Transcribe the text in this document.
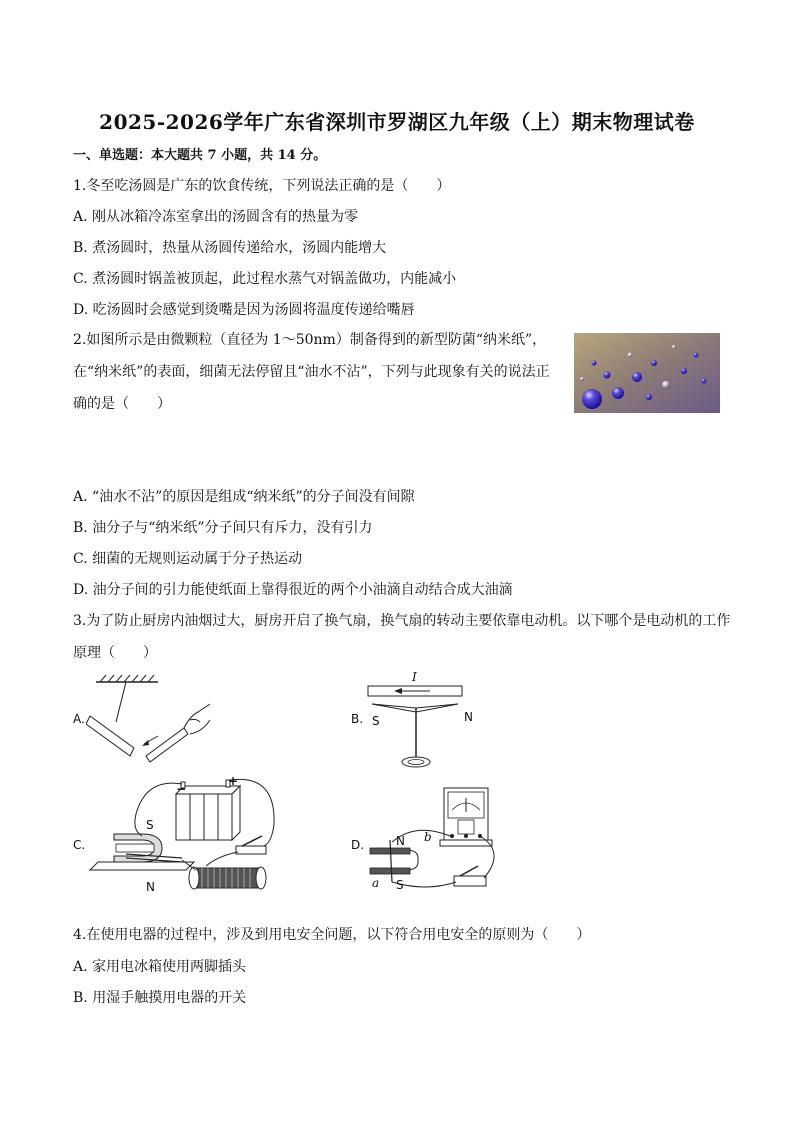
2025-2026学年广东省深圳市罗湖区九年级（上）期末物理试卷
一、单选题：本大题共 7 小题，共 14 分。
1.冬至吃汤圆是广东的饮食传统，下列说法正确的是（　　）
A. 刚从冰箱冷冻室拿出的汤圆含有的热量为零
B. 煮汤圆时，热量从汤圆传递给水，汤圆内能增大
C. 煮汤圆时锅盖被顶起，此过程水蒸气对锅盖做功，内能减小
D. 吃汤圆时会感觉到烫嘴是因为汤圆将温度传递给嘴唇
2.如图所示是由微颗粒（直径为 1～50nm）制备得到的新型防菌“纳米纸”，在“纳米纸”的表面，细菌无法停留且“油水不沾”，下列与此现象有关的说法正确的是（　　）
A. “油水不沾”的原因是组成“纳米纸”的分子间没有间隙
B. 油分子与“纳米纸”分子间只有斥力，没有引力
C. 细菌的无规则运动属于分子热运动
D. 油分子间的引力能使纸面上靠得很近的两个小油滴自动结合成大油滴
3.为了防止厨房内油烟过大，厨房开启了换气扇，换气扇的转动主要依靠电动机。以下哪个是电动机的工作原理（　　）
A.	B.
C.	D.
I
S	N
S
N
+
−
N
S
a
b
4.在使用电器的过程中，涉及到用电安全问题，以下符合用电安全的原则为（　　）
A. 家用电冰箱使用两脚插头
B. 用湿手触摸用电器的开关
